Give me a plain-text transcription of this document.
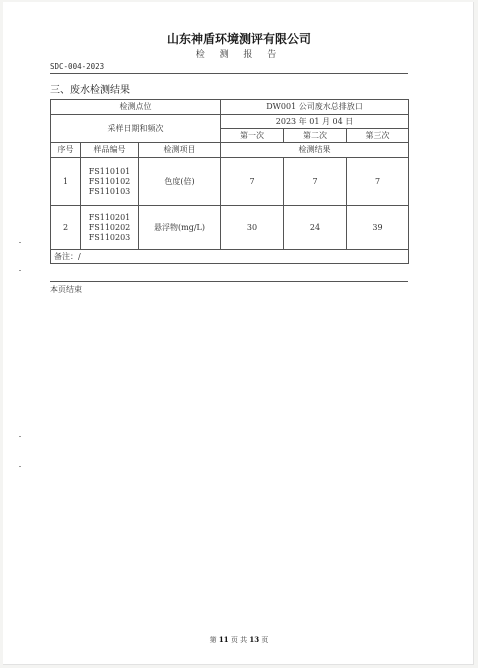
山东神盾环境测评有限公司
检 测 报 告
SDC-004-2023
三、废水检测结果
检测点位			DW001 公司废水总排放口		
采样日期和频次			2023 年 01 月 04 日		
			第一次	第二次	第三次
序号	样品编号	检测项目	检测结果		
1	FS110101
FS110102
FS110103	色度(倍)	7	7	7
2	FS110201
FS110202
FS110203	悬浮物(mg/L)	30	24	39
备注：/					
本页结束
第 11 页 共 13 页
